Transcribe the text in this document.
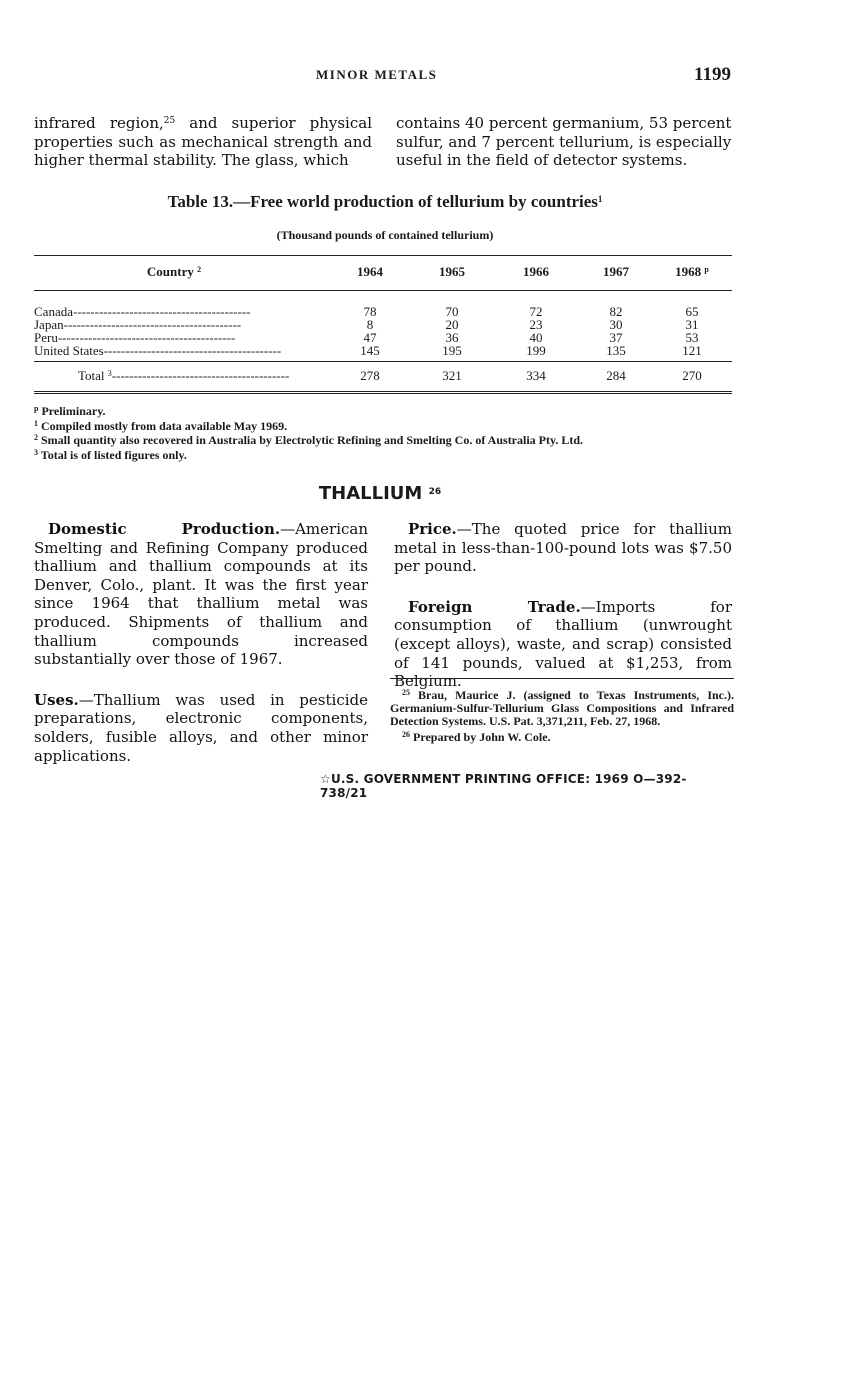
MINOR METALS	1199

infrared region,$^{25}$ and superior physical properties such as mechanical strength and higher thermal stability. The glass, which

contains 40 percent germanium, 53 percent sulfur, and 7 percent tellurium, is especially useful in the field of detector systems.

Table 13.—Free world production of tellurium by countries$^1$
(Thousand pounds of contained tellurium)
Country $^2$	1964	1965	1966	1967	1968 $^p$
Canada-----------------------------------------	78	70	72	82	65
Japan-----------------------------------------	8	20	23	30	31
Peru-----------------------------------------	47	36	40	37	53
United States-----------------------------------------	145	195	199	135	121
Total $^3$-----------------------------------------	278	321	334	284	270
$^p$ Preliminary.
$^1$ Compiled mostly from data available May 1969.
$^2$ Small quantity also recovered in Australia by Electrolytic Refining and Smelting Co. of Australia Pty. Ltd.
$^3$ Total is of listed figures only.
THALLIUM $^{26}$

Domestic Production.—American Smelting and Refining Company produced thallium and thallium compounds at its Denver, Colo., plant. It was the first year since 1964 that thallium metal was produced. Shipments of thallium and thallium compounds increased substantially over those of 1967.

Uses.—Thallium was used in pesticide preparations, electronic components, solders, fusible alloys, and other minor applications.

Price.—The quoted price for thallium metal in less-than-100-pound lots was $7.50 per pound.

Foreign Trade.—Imports for consumption of thallium (unwrought (except alloys), waste, and scrap) consisted of 141 pounds, valued at $1,253, from Belgium.

$^{25}$ Brau, Maurice J. (assigned to Texas Instruments, Inc.). Germanium-Sulfur-Tellurium Glass Compositions and Infrared Detection Systems. U.S. Pat. 3,371,211, Feb. 27, 1968.

$^{26}$ Prepared by John W. Cole.

☆U.S. GOVERNMENT PRINTING OFFICE: 1969 O—392-738/21
